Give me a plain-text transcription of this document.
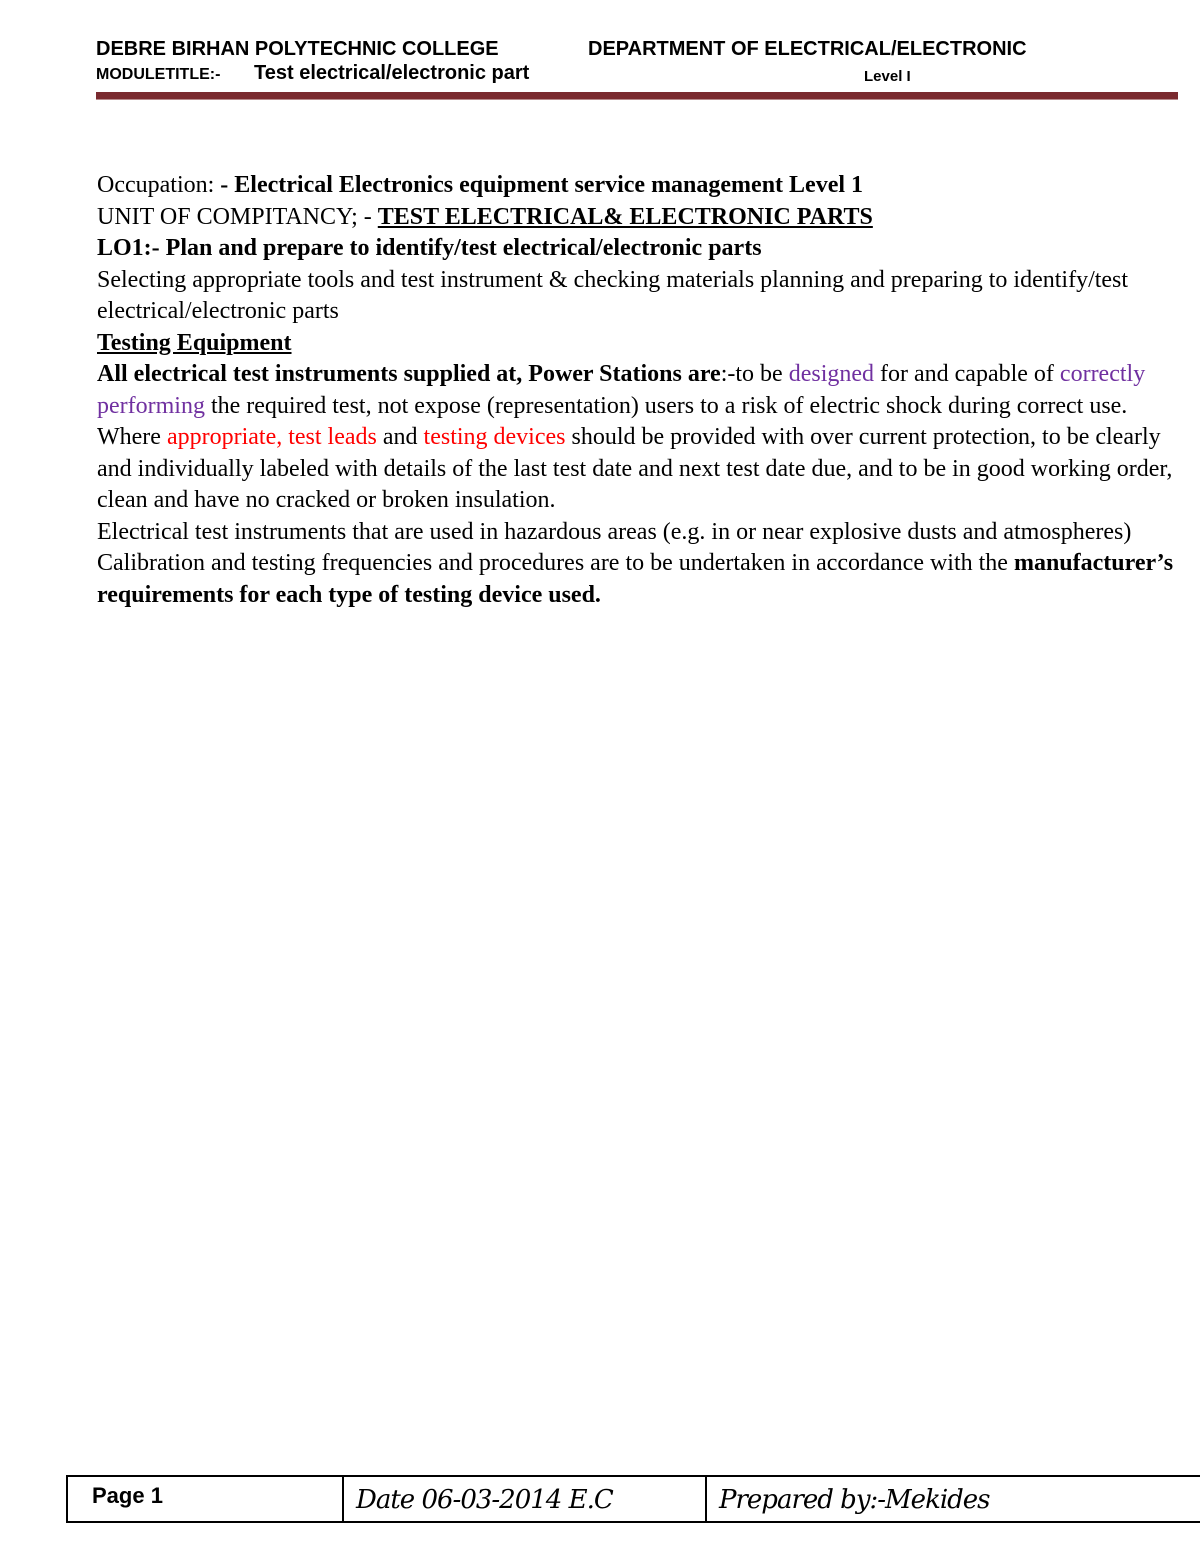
DEBRE BIRHAN POLYTECHNIC COLLEGE	DEPARTMENT OF ELECTRICAL/ELECTRONIC
MODULETITLE:- Test electrical/electronic part	Level I

Occupation: - Electrical Electronics equipment service management Level 1

UNIT OF COMPITANCY; - TEST ELECTRICAL& ELECTRONIC PARTS

LO1:- Plan and prepare to identify/test electrical/electronic parts

Selecting appropriate tools and test instrument & checking materials planning and preparing to identify/test electrical/electronic parts

Testing Equipment

All electrical test instruments supplied at, Power Stations are:-to be designed for and capable of correctly performing the required test, not expose (representation) users to a risk of electric shock during correct use.

Where appropriate, test leads and testing devices should be provided with over current protection, to be clearly and individually labeled with details of the last test date and next test date due, and to be in good working order, clean and have no cracked or broken insulation.

Electrical test instruments that are used in hazardous areas (e.g. in or near explosive dusts and atmospheres)

Calibration and testing frequencies and procedures are to be undertaken in accordance with the manufacturer’s requirements for each type of testing device used.

Page 1	Date 06-03-2014 E.C	Prepared by:-Mekides
